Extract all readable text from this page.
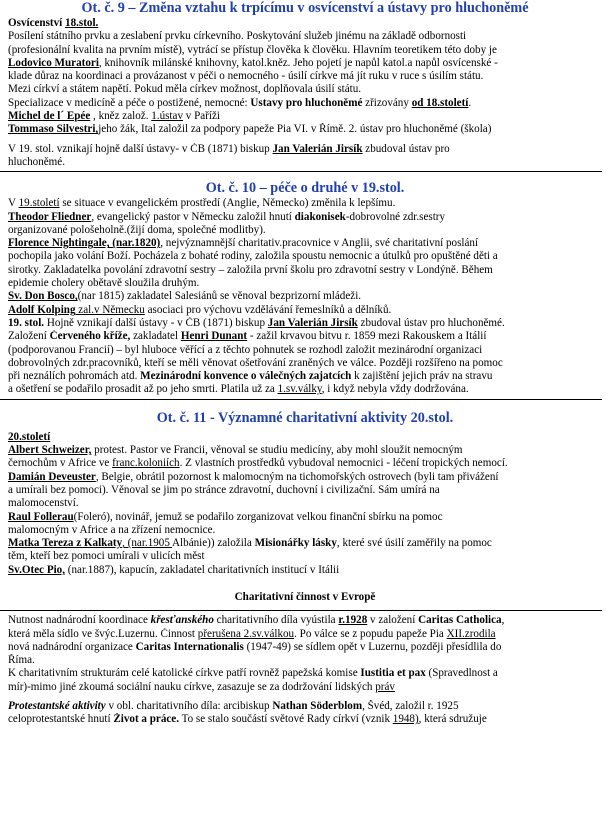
Ot. č. 9 – Změna vztahu k trpícímu v osvícenství a ústavy pro hluchoněmé

Osvícenství 18.stol.

Posílení státního prvku a zeslabení prvku církevního. Poskytování služeb jinému na základě odbornosti

(profesionální kvalita na prvním místě), vytrácí se přístup člověka k člověku. Hlavním teoretikem této doby je

Lodovico Muratori, knihovník milánské knihovny, katol.kněz. Jeho pojetí je napůl katol.a napůl osvícenské -

klade důraz na koordinaci a provázanost v péči o nemocného - úsilí církve má jít ruku v ruce s úsilím státu.

Mezi církví a státem napětí. Pokud měla církev možnost, doplňovala úsilí státu.

Specializace v medicíně a péče o postižené, nemocné: Ústavy pro hluchoněmé zřizovány od 18.století.

Michel de l´ Epée , kněz založ. 1.ústav v Paříži

Tommaso Silvestri,jeho žák, Ital založil za podpory papeže Pia VI. v Římě. 2. ústav pro hluchoněmé (škola)

V 19. stol. vznikají hojně další ústavy- v ČB (1871) biskup Jan Valerián Jirsík zbudoval ústav pro

hluchoněmé.

Ot. č. 10 – péče o druhé v 19.stol.

V 19.století se situace v evangelickém prostředí (Anglie, Německo) změnila k lepšímu.

Theodor Fliedner, evangelický pastor v Německu založil hnutí diakonisek-dobrovolné zdr.sestry

organizované pološeholně.(žijí doma, společné modlitby).

Florence Nightingale, (nar.1820), nejvýznamnější charitativ.pracovnice v Anglii, své charitativní poslání

pochopila jako volání Boží. Pocházela z bohaté rodiny, založila spoustu nemocnic a útulků pro opuštěné děti a

sirotky. Zakladatelka povolání zdravotní sestry – založila první školu pro zdravotní sestry v Londýně. Během

epidemie cholery obětavě sloužila druhým.

Sv. Don Bosco,(nar 1815) zakladatel Salesiánů se věnoval bezprizorní mládeži.

Adolf Kolping zal.v Německu asociaci pro výchovu vzdělávání řemeslníků a dělníků.

19. stol. Hojně vznikají další ústavy - v ČB (1871) biskup Jan Valerián Jirsík zbudoval ústav pro hluchoněmé.

Založení Červeného kříže, zakladatel Henri Dunant - zažil krvavou bitvu r. 1859 mezi Rakouskem a Itálií

(podporovanou Francií) – byl hluboce věřící a z těchto pohnutek se rozhodl založit mezinárodní organizaci

dobrovolných zdr.pracovníků, kteří se měli věnovat ošetřování zraněných ve válce. Později rozšířeno na pomoc

při neználích pohromách atd. Mezinárodní konvence o válečných zajatcích k zajištění jejich práv na stravu

a ošetření se podařilo prosadit až po jeho smrti. Platila už za 1.sv.války, i když nebyla vždy dodržována.

Ot. č. 11 - Významné charitativní aktivity 20.stol.

20.století

Albert Schweizer, protest. Pastor ve Francii, věnoval se studiu medicíny, aby mohl sloužit nemocným

černochům v Africe ve franc.koloniích. Z vlastních prostředků vybudoval nemocnici - léčení tropických nemocí.

Damián Deveuster, Belgie, obrátil pozornost k malomocným na tichomořských ostrovech (byli tam přivážení

a umírali bez pomoci). Věnoval se jim po stránce zdravotní, duchovní i civilizační. Sám umírá na

malomocenství.

Raul Follerau(Foleró), novinář, jemuž se podařilo zorganizovat velkou finanční sbírku na pomoc

malomocným v Africe a na zřízení nemocnice.

Matka Tereza z Kalkaty, (nar.1905 Albánie)) založila Misionářky lásky, které své úsilí zaměřily na pomoc

těm, kteří bez pomoci umírali v ulicích měst

Sv.Otec Pio, (nar.1887), kapucín, zakladatel charitativních institucí v Itálii

Charitativní činnost v Evropě

Nutnost nadnárodní koordinace křesťanského charitativního díla vyústila r.1928 v založení Caritas Catholica,

která měla sídlo ve švýc.Luzernu. Činnost přerušena 2.sv.válkou. Po válce se z popudu papeže Pia XII.zrodila

nová nadnárodní organizace Caritas Internationalis (1947-49) se sídlem opět v Luzernu, později přesídlila do

Říma.

K charitativním strukturám celé katolické církve patří rovněž papežská komise Iustitia et pax (Spravedlnost a

mír)-mimo jiné zkoumá sociální nauku církve, zasazuje se za dodržování lidských práv

Protestantské aktivity v obl. charitativního díla: arcibiskup Nathan Söderblom, Švéd, založil r. 1925

celoprotestantské hnutí Život a práce. To se stalo součástí světové Rady církví (vznik 1948), která sdružuje
